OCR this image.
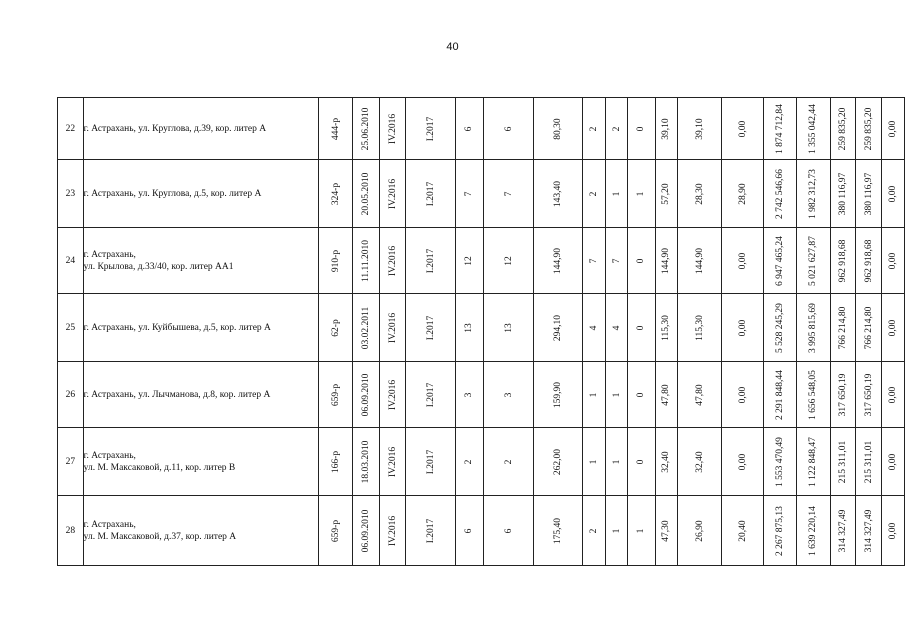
40
22	г. Астрахань, ул. Круглова, д.39, кор. литер А	444-р	25.06.2010	IV.2016	I.2017	6	6	80,30	2	2	0	39,10	39,10	0,00	1 874 712,84	1 355 042,44	259 835,20	259 835,20	0,00

23	г. Астрахань, ул. Круглова, д.5, кор. литер А	324-р	20.05.2010	IV.2016	I.2017	7	7	143,40	2	1	1	57,20	28,30	28,90	2 742 546,66	1 982 312,73	380 116,97	380 116,97	0,00

24	г. Астрахань,
ул. Крылова, д.33/40, кор. литер АА1	910-р	11.11.2010	IV.2016	I.2017	12	12	144,90	7	7	0	144,90	144,90	0,00	6 947 465,24	5 021 627,87	962 918,68	962 918,68	0,00

25	г. Астрахань, ул. Куйбышева, д.5, кор. литер А	62-р	03.02.2011	IV.2016	I.2017	13	13	294,10	4	4	0	115,30	115,30	0,00	5 528 245,29	3 995 815,69	766 214,80	766 214,80	0,00

26	г. Астрахань, ул. Лычманова, д.8, кор. литер А	659-р	06.09.2010	IV.2016	I.2017	3	3	159,90	1	1	0	47,80	47,80	0,00	2 291 848,44	1 656 548,05	317 650,19	317 650,19	0,00

27	г. Астрахань,
ул. М. Максаковой, д.11, кор. литер В	166-р	18.03.2010	IV.2016	I.2017	2	2	262,00	1	1	0	32,40	32,40	0,00	1 553 470,49	1 122 848,47	215 311,01	215 311,01	0,00

28	г. Астрахань,
ул. М. Максаковой, д.37, кор. литер А	659-р	06.09.2010	IV.2016	I.2017	6	6	175,40	2	1	1	47,30	26,90	20,40	2 267 875,13	1 639 220,14	314 327,49	314 327,49	0,00
